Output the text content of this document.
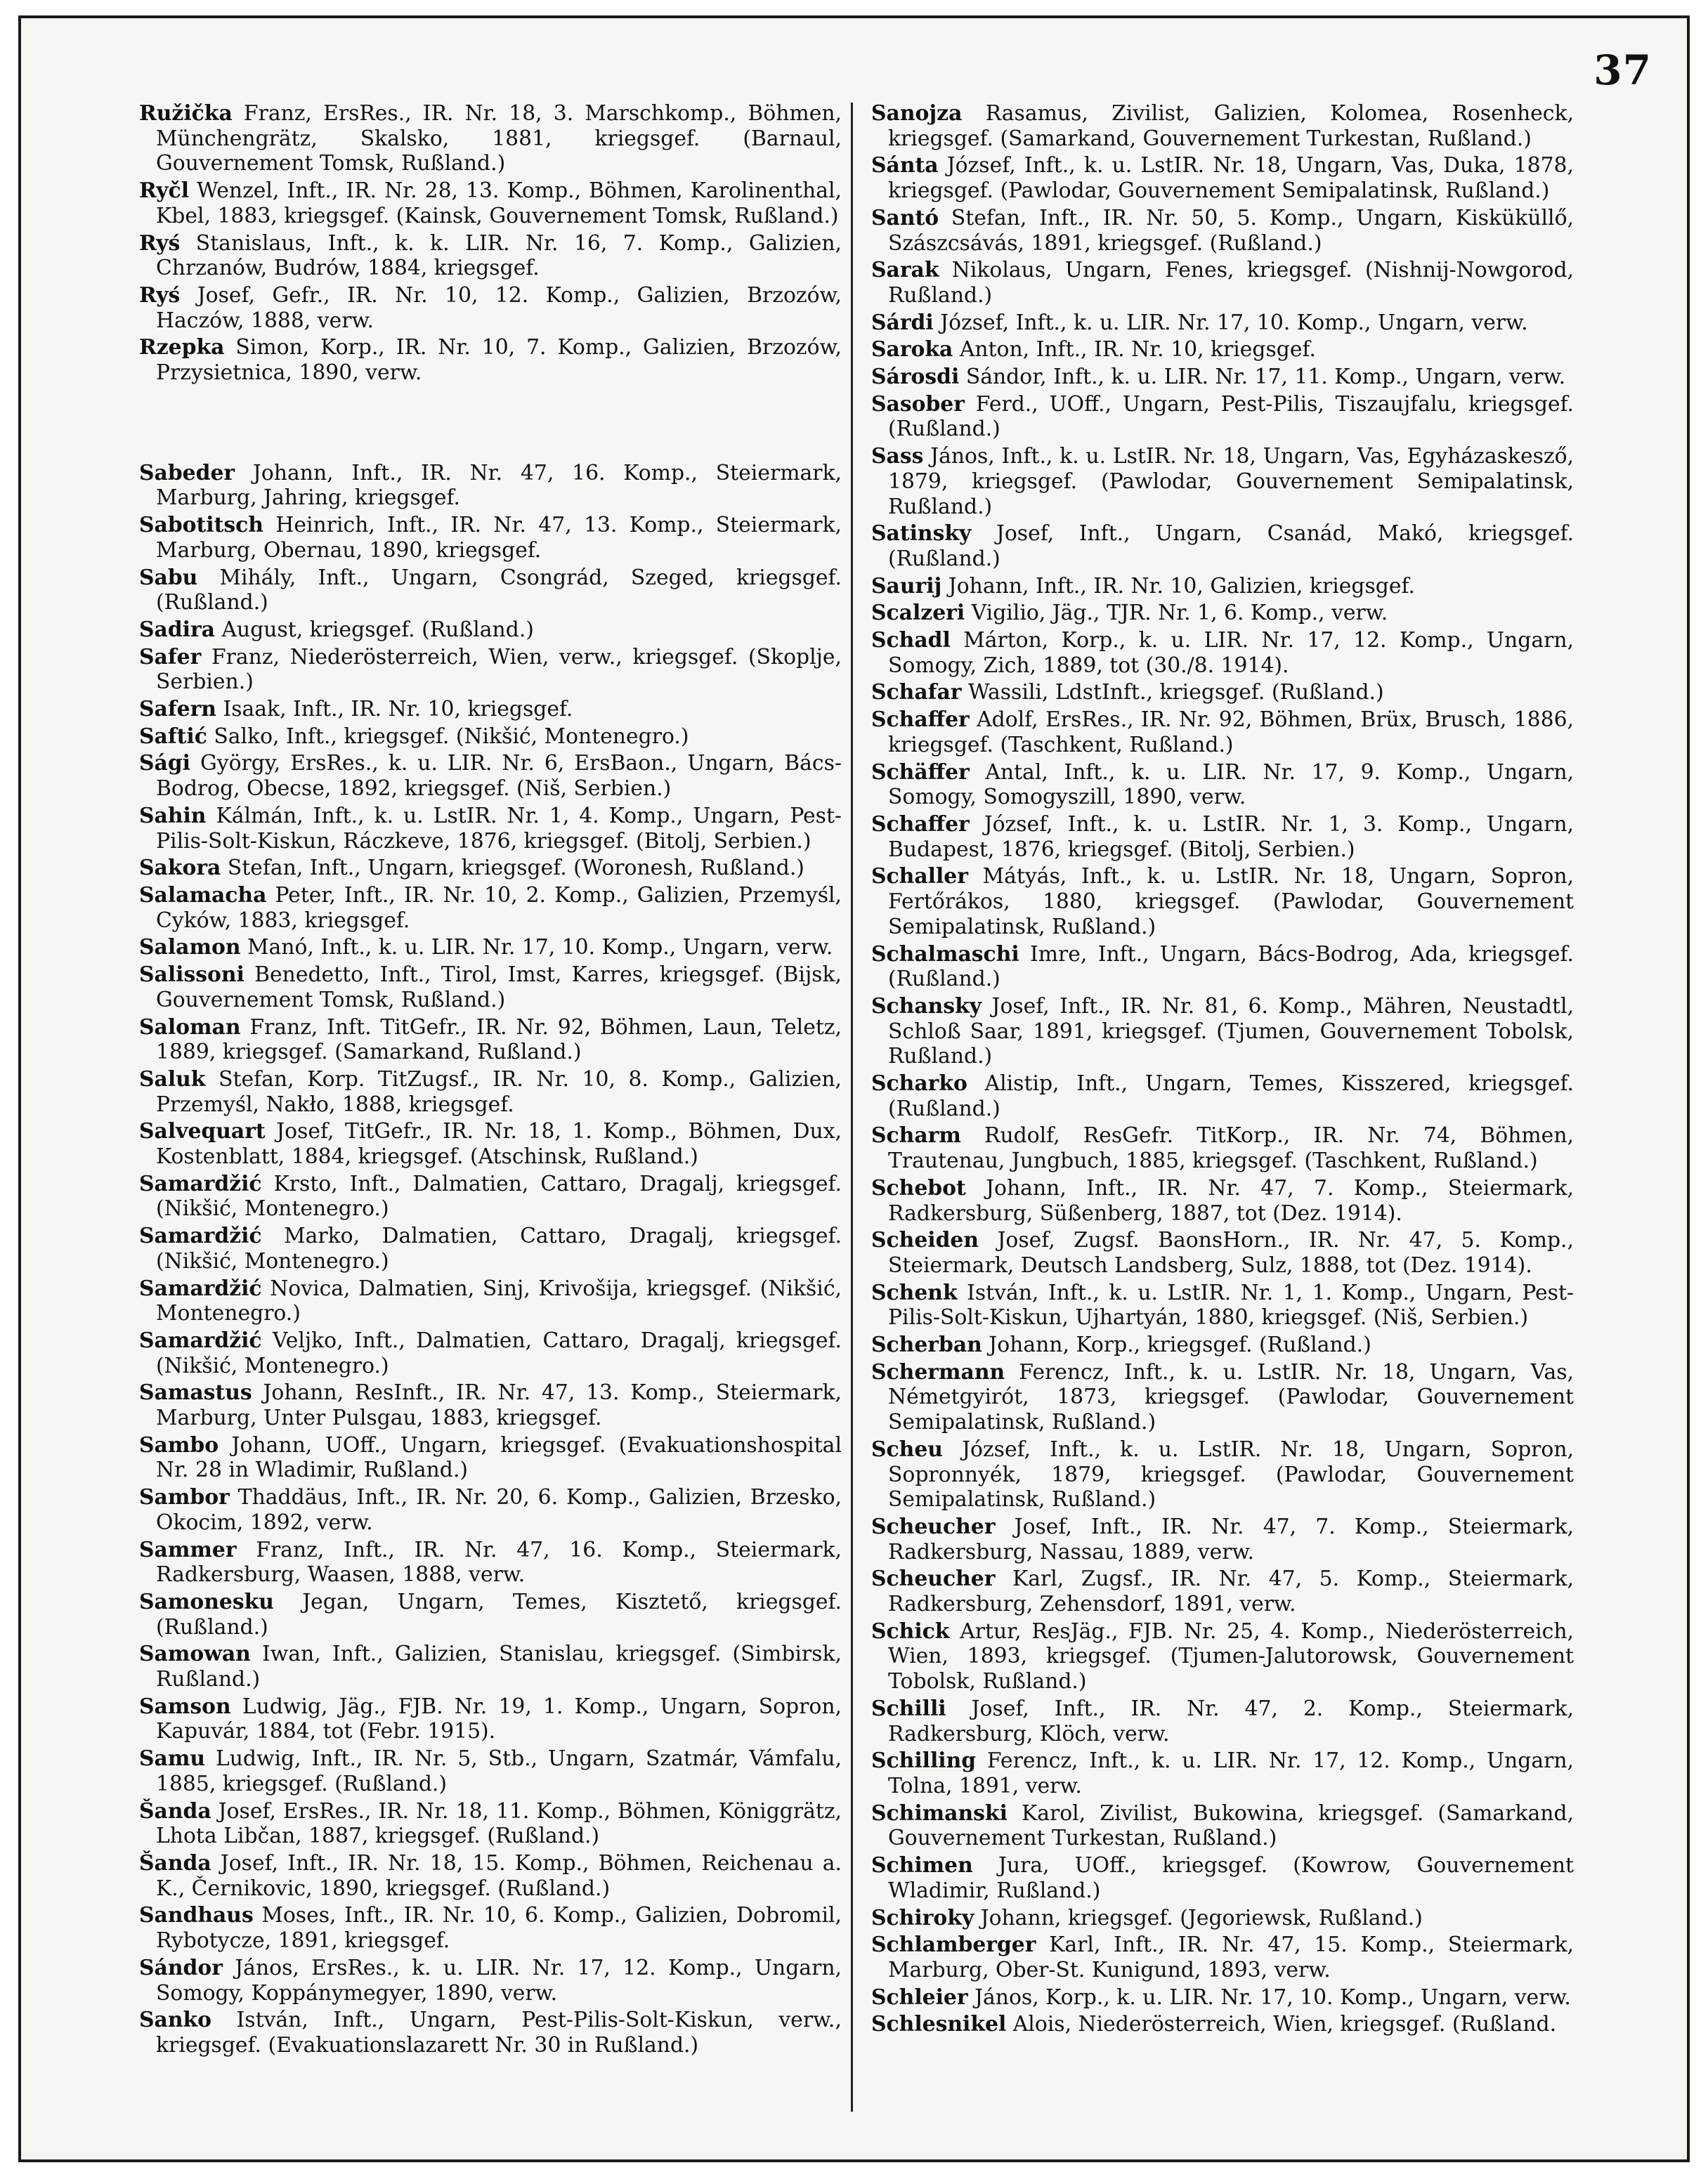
37

Ružička Franz, ErsRes., IR. Nr. 18, 3. Marschkomp., Böhmen, Münchengrätz, Skalsko, 1881, kriegsgef. (Barnaul, Gouvernement Tomsk, Rußland.)

Ryčl Wenzel, Inft., IR. Nr. 28, 13. Komp., Böhmen, Karolinenthal, Kbel, 1883, kriegsgef. (Kainsk, Gouvernement Tomsk, Rußland.)

Ryś Stanislaus, Inft., k. k. LIR. Nr. 16, 7. Komp., Galizien, Chrzanów, Budrów, 1884, kriegsgef.

Ryś Josef, Gefr., IR. Nr. 10, 12. Komp., Galizien, Brzozów, Haczów, 1888, verw.

Rzepka Simon, Korp., IR. Nr. 10, 7. Komp., Galizien, Brzozów, Przysietnica, 1890, verw.

Sabeder Johann, Inft., IR. Nr. 47, 16. Komp., Steiermark, Marburg, Jahring, kriegsgef.

Sabotitsch Heinrich, Inft., IR. Nr. 47, 13. Komp., Steiermark, Marburg, Obernau, 1890, kriegsgef.

Sabu Mihály, Inft., Ungarn, Csongrád, Szeged, kriegsgef. (Rußland.)

Sadira August, kriegsgef. (Rußland.)

Safer Franz, Niederösterreich, Wien, verw., kriegsgef. (Skoplje, Serbien.)

Safern Isaak, Inft., IR. Nr. 10, kriegsgef.

Saftić Salko, Inft., kriegsgef. (Nikšić, Montenegro.)

Sági György, ErsRes., k. u. LIR. Nr. 6, ErsBaon., Ungarn, Bács-Bodrog, Obecse, 1892, kriegsgef. (Niš, Serbien.)

Sahin Kálmán, Inft., k. u. LstIR. Nr. 1, 4. Komp., Ungarn, Pest-Pilis-Solt-Kiskun, Ráczkeve, 1876, kriegsgef. (Bitolj, Serbien.)

Sakora Stefan, Inft., Ungarn, kriegsgef. (Woronesh, Rußland.)

Salamacha Peter, Inft., IR. Nr. 10, 2. Komp., Galizien, Przemyśl, Cyków, 1883, kriegsgef.

Salamon Manó, Inft., k. u. LIR. Nr. 17, 10. Komp., Ungarn, verw.

Salissoni Benedetto, Inft., Tirol, Imst, Karres, kriegsgef. (Bijsk, Gouvernement Tomsk, Rußland.)

Saloman Franz, Inft. TitGefr., IR. Nr. 92, Böhmen, Laun, Teletz, 1889, kriegsgef. (Samarkand, Rußland.)

Saluk Stefan, Korp. TitZugsf., IR. Nr. 10, 8. Komp., Galizien, Przemyśl, Nakło, 1888, kriegsgef.

Salvequart Josef, TitGefr., IR. Nr. 18, 1. Komp., Böhmen, Dux, Kostenblatt, 1884, kriegsgef. (Atschinsk, Rußland.)

Samardžić Krsto, Inft., Dalmatien, Cattaro, Dragalj, kriegsgef. (Nikšić, Montenegro.)

Samardžić Marko, Dalmatien, Cattaro, Dragalj, kriegsgef. (Nikšić, Montenegro.)

Samardžić Novica, Dalmatien, Sinj, Krivošija, kriegsgef. (Nikšić, Montenegro.)

Samardžić Veljko, Inft., Dalmatien, Cattaro, Dragalj, kriegsgef. (Nikšić, Montenegro.)

Samastus Johann, ResInft., IR. Nr. 47, 13. Komp., Steiermark, Marburg, Unter Pulsgau, 1883, kriegsgef.

Sambo Johann, UOff., Ungarn, kriegsgef. (Evakuationshospital Nr. 28 in Wladimir, Rußland.)

Sambor Thaddäus, Inft., IR. Nr. 20, 6. Komp., Galizien, Brzesko, Okocim, 1892, verw.

Sammer Franz, Inft., IR. Nr. 47, 16. Komp., Steiermark, Radkersburg, Waasen, 1888, verw.

Samonesku Jegan, Ungarn, Temes, Kisztető, kriegsgef. (Rußland.)

Samowan Iwan, Inft., Galizien, Stanislau, kriegsgef. (Simbirsk, Rußland.)

Samson Ludwig, Jäg., FJB. Nr. 19, 1. Komp., Ungarn, Sopron, Kapuvár, 1884, tot (Febr. 1915).

Samu Ludwig, Inft., IR. Nr. 5, Stb., Ungarn, Szatmár, Vámfalu, 1885, kriegsgef. (Rußland.)

Šanda Josef, ErsRes., IR. Nr. 18, 11. Komp., Böhmen, Königgrätz, Lhota Libčan, 1887, kriegsgef. (Rußland.)

Šanda Josef, Inft., IR. Nr. 18, 15. Komp., Böhmen, Reichenau a. K., Černikovic, 1890, kriegsgef. (Rußland.)

Sandhaus Moses, Inft., IR. Nr. 10, 6. Komp., Galizien, Dobromil, Rybotycze, 1891, kriegsgef.

Sándor János, ErsRes., k. u. LIR. Nr. 17, 12. Komp., Ungarn, Somogy, Koppánymegyer, 1890, verw.

Sanko István, Inft., Ungarn, Pest-Pilis-Solt-Kiskun, verw., kriegsgef. (Evakuationslazarett Nr. 30 in Rußland.)

Sanojza Rasamus, Zivilist, Galizien, Kolomea, Rosenheck, kriegsgef. (Samarkand, Gouvernement Turkestan, Rußland.)

Sánta József, Inft., k. u. LstIR. Nr. 18, Ungarn, Vas, Duka, 1878, kriegsgef. (Pawlodar, Gouvernement Semipalatinsk, Rußland.)

Santó Stefan, Inft., IR. Nr. 50, 5. Komp., Ungarn, Kisküküllő, Szászcsávás, 1891, kriegsgef. (Rußland.)

Sarak Nikolaus, Ungarn, Fenes, kriegsgef. (Nishnij-Nowgorod, Rußland.)

Sárdi József, Inft., k. u. LIR. Nr. 17, 10. Komp., Ungarn, verw.

Saroka Anton, Inft., IR. Nr. 10, kriegsgef.

Sárosdi Sándor, Inft., k. u. LIR. Nr. 17, 11. Komp., Ungarn, verw.

Sasober Ferd., UOff., Ungarn, Pest-Pilis, Tiszaujfalu, kriegsgef. (Rußland.)

Sass János, Inft., k. u. LstIR. Nr. 18, Ungarn, Vas, Egyházaskesző, 1879, kriegsgef. (Pawlodar, Gouvernement Semipalatinsk, Rußland.)

Satinsky Josef, Inft., Ungarn, Csanád, Makó, kriegsgef. (Rußland.)

Saurij Johann, Inft., IR. Nr. 10, Galizien, kriegsgef.

Scalzeri Vigilio, Jäg., TJR. Nr. 1, 6. Komp., verw.

Schadl Márton, Korp., k. u. LIR. Nr. 17, 12. Komp., Ungarn, Somogy, Zich, 1889, tot (30./8. 1914).

Schafar Wassili, LdstInft., kriegsgef. (Rußland.)

Schaffer Adolf, ErsRes., IR. Nr. 92, Böhmen, Brüx, Brusch, 1886, kriegsgef. (Taschkent, Rußland.)

Schäffer Antal, Inft., k. u. LIR. Nr. 17, 9. Komp., Ungarn, Somogy, Somogyszill, 1890, verw.

Schaffer József, Inft., k. u. LstIR. Nr. 1, 3. Komp., Ungarn, Budapest, 1876, kriegsgef. (Bitolj, Serbien.)

Schaller Mátyás, Inft., k. u. LstIR. Nr. 18, Ungarn, Sopron, Fertőrákos, 1880, kriegsgef. (Pawlodar, Gouvernement Semipalatinsk, Rußland.)

Schalmaschi Imre, Inft., Ungarn, Bács-Bodrog, Ada, kriegsgef. (Rußland.)

Schansky Josef, Inft., IR. Nr. 81, 6. Komp., Mähren, Neustadtl, Schloß Saar, 1891, kriegsgef. (Tjumen, Gouvernement Tobolsk, Rußland.)

Scharko Alistip, Inft., Ungarn, Temes, Kisszered, kriegsgef. (Rußland.)

Scharm Rudolf, ResGefr. TitKorp., IR. Nr. 74, Böhmen, Trautenau, Jungbuch, 1885, kriegsgef. (Taschkent, Rußland.)

Schebot Johann, Inft., IR. Nr. 47, 7. Komp., Steiermark, Radkersburg, Süßenberg, 1887, tot (Dez. 1914).

Scheiden Josef, Zugsf. BaonsHorn., IR. Nr. 47, 5. Komp., Steiermark, Deutsch Landsberg, Sulz, 1888, tot (Dez. 1914).

Schenk István, Inft., k. u. LstIR. Nr. 1, 1. Komp., Ungarn, Pest-Pilis-Solt-Kiskun, Ujhartyán, 1880, kriegsgef. (Niš, Serbien.)

Scherban Johann, Korp., kriegsgef. (Rußland.)

Schermann Ferencz, Inft., k. u. LstIR. Nr. 18, Ungarn, Vas, Németgyirót, 1873, kriegsgef. (Pawlodar, Gouvernement Semipalatinsk, Rußland.)

Scheu József, Inft., k. u. LstIR. Nr. 18, Ungarn, Sopron, Sopronnyék, 1879, kriegsgef. (Pawlodar, Gouvernement Semipalatinsk, Rußland.)

Scheucher Josef, Inft., IR. Nr. 47, 7. Komp., Steiermark, Radkersburg, Nassau, 1889, verw.

Scheucher Karl, Zugsf., IR. Nr. 47, 5. Komp., Steiermark, Radkersburg, Zehensdorf, 1891, verw.

Schick Artur, ResJäg., FJB. Nr. 25, 4. Komp., Niederösterreich, Wien, 1893, kriegsgef. (Tjumen-Jalutorowsk, Gouvernement Tobolsk, Rußland.)

Schilli Josef, Inft., IR. Nr. 47, 2. Komp., Steiermark, Radkersburg, Klöch, verw.

Schilling Ferencz, Inft., k. u. LIR. Nr. 17, 12. Komp., Ungarn, Tolna, 1891, verw.

Schimanski Karol, Zivilist, Bukowina, kriegsgef. (Samarkand, Gouvernement Turkestan, Rußland.)

Schimen Jura, UOff., kriegsgef. (Kowrow, Gouvernement Wladimir, Rußland.)

Schiroky Johann, kriegsgef. (Jegoriewsk, Rußland.)

Schlamberger Karl, Inft., IR. Nr. 47, 15. Komp., Steiermark, Marburg, Ober-St. Kunigund, 1893, verw.

Schleier János, Korp., k. u. LIR. Nr. 17, 10. Komp., Ungarn, verw.

Schlesnikel Alois, Niederösterreich, Wien, kriegsgef. (Rußland.
